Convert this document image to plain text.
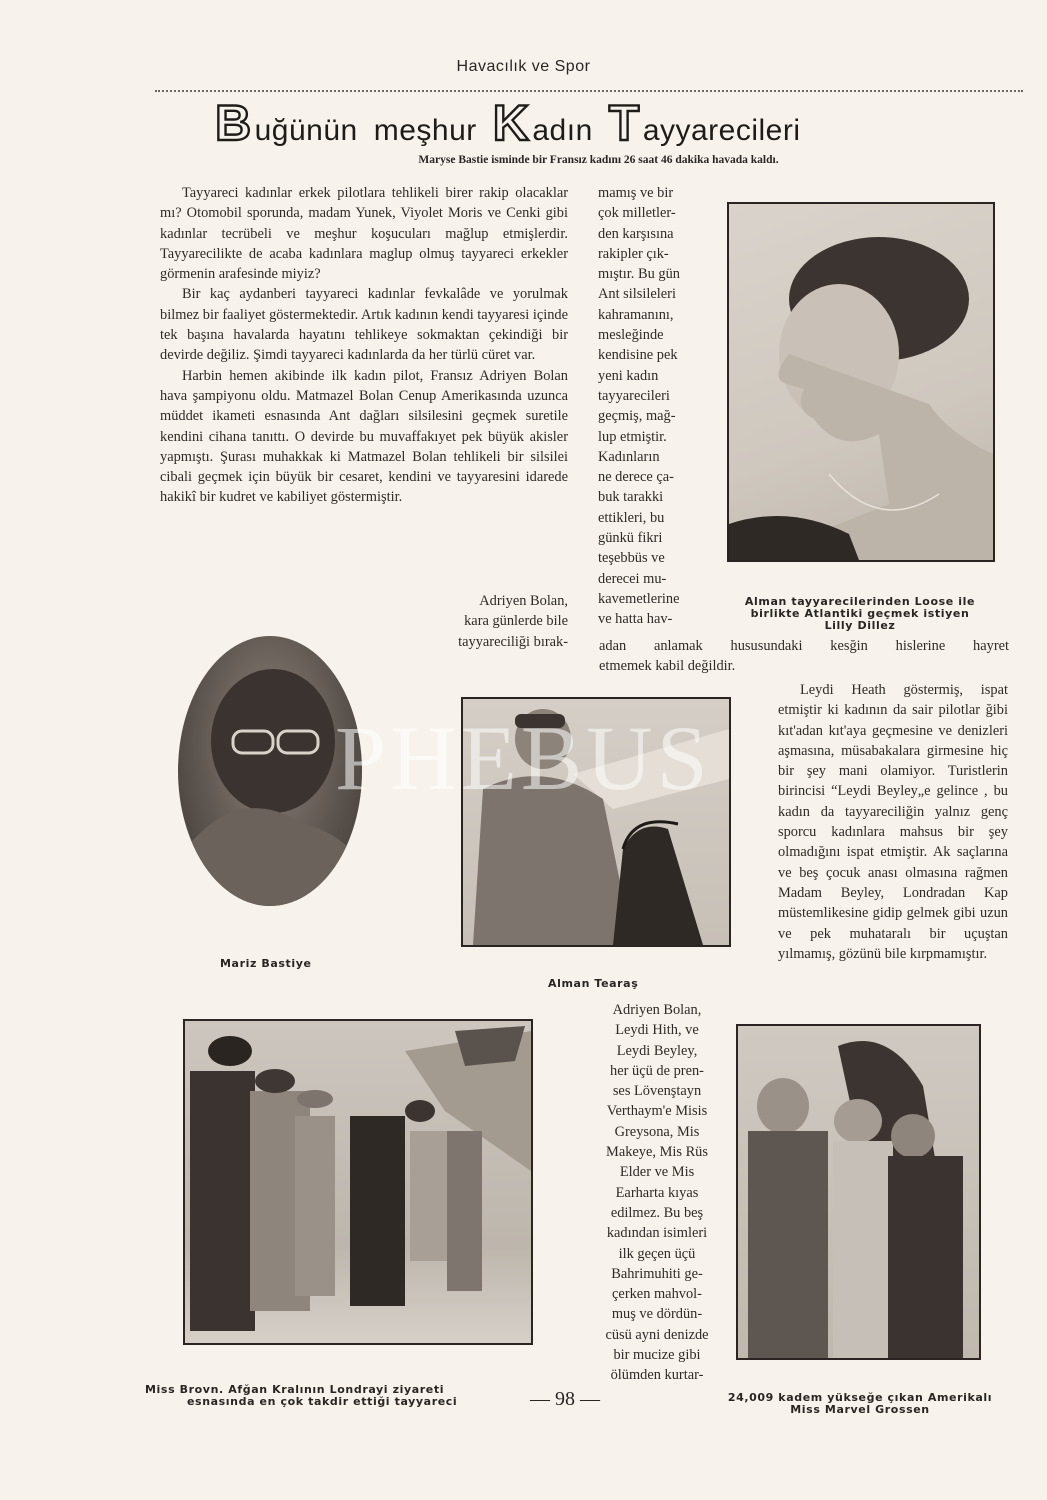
Havacılık ve Spor
Buğünün meşhur Kadın Tayyarecileri
Maryse Bastie isminde bir Fransız kadını 26 saat 46 dakika havada kaldı.

Tayyareci kadınlar erkek pilotlara tehlikeli birer rakip olacaklar mı? Otomobil sporunda, madam Yunek, Viyolet Moris ve Cenki gibi kadınlar tecrübeli ve meşhur koşucuları mağlup etmişlerdir. Tayyarecilikte de acaba kadınlara maglup olmuş tayyareci erkekler görmenin arafesinde miyiz?

Bir kaç aydanberi tayyareci kadınlar fevkalâde ve yorulmak bilmez bir faaliyet göstermektedir. Artık kadının kendi tayyaresi içinde tek başına havalarda hayatını tehlikeye sokmaktan çekindiği bir devirde değiliz. Şimdi tayyareci kadınlarda da her türlü cüret var.

Harbin hemen akibinde ilk kadın pilot, Fransız Adriyen Bolan hava şampiyonu oldu. Matmazel Bolan Cenup Amerikasında uzunca müddet ikameti esnasında Ant dağları silsilesini geçmek suretile kendini cihana tanıttı. O devirde bu muvaffakıyet pek büyük akisler yapmıştı. Şurası muhakkak ki Matmazel Bolan tehlikeli bir silsilei cibali geçmek için büyük bir cesaret, kendini ve tayyaresini idarede hakikî bir kudret ve kabiliyet göstermiştir.

Adriyen Bolan,
kara günlerde bile
tayyareciliği bırak-
mamış ve bir
çok milletler-
den karşısına
rakipler çık-
mıştır. Bu gün
Ant silsileleri
kahramanını,
mesleğinde
kendisine pek
yeni kadın
tayyarecileri
geçmiş, mağ-
lup etmiştir.
Kadınların
ne derece ça-
buk tarakki
ettikleri, bu
günkü fikri
teşebbüs ve
derecei mu-
kavemetlerine
ve hatta hav-
adan anlamak hususundaki kesğin hislerine hayret
etmemek kabil değildir.

Leydi Heath göstermiş, ispat etmiştir ki kadının da sair pilotlar ğibi kıt'adan kıt'aya geçmesine ve denizleri aşmasına, müsabakalara girmesine hiç bir şey mani olamiyor. Turistlerin birincisi “Leydi Beyley„e gelince , bu kadın da tayyareciliğin yalnız genç sporcu kadınlara mahsus bir şey olmadığını ispat etmiştir. Ak saçlarına ve beş çocuk anası olmasına rağmen Madam Beyley, Londradan Kap müstemlikesine gidip gelmek gibi uzun ve pek muhataralı bir uçuştan yılmamış, gözünü bile kırpmamıştır.

Adriyen Bolan,
Leydi Hith, ve
Leydi Beyley,
her üçü de pren-
ses Lövenştayn
Verthaym'e Misis
Greysona, Mis
Makeye, Mis Rüs
Elder ve Mis
Earharta kıyas
edilmez. Bu beş
kadından isimleri
ilk geçen üçü
Bahrimuhiti ge-
çerken mahvol-
muş ve dördün-
cüsü ayni denizde
bir mucize gibi
ölümden kurtar-
Alman tayyarecilerinden Loose ile
birlikte Atlantiki geçmek istiyen
Lilly Dillez
Mariz Bastiye
Alman Tearaş
Miss Brovn. Afğan Kralının Londrayi ziyareti
esnasında en çok takdir ettiği tayyareci	24,009 kadem yükseğe çıkan Amerikalı
Miss Marvel Grossen
PHEBUS
— 98 —
